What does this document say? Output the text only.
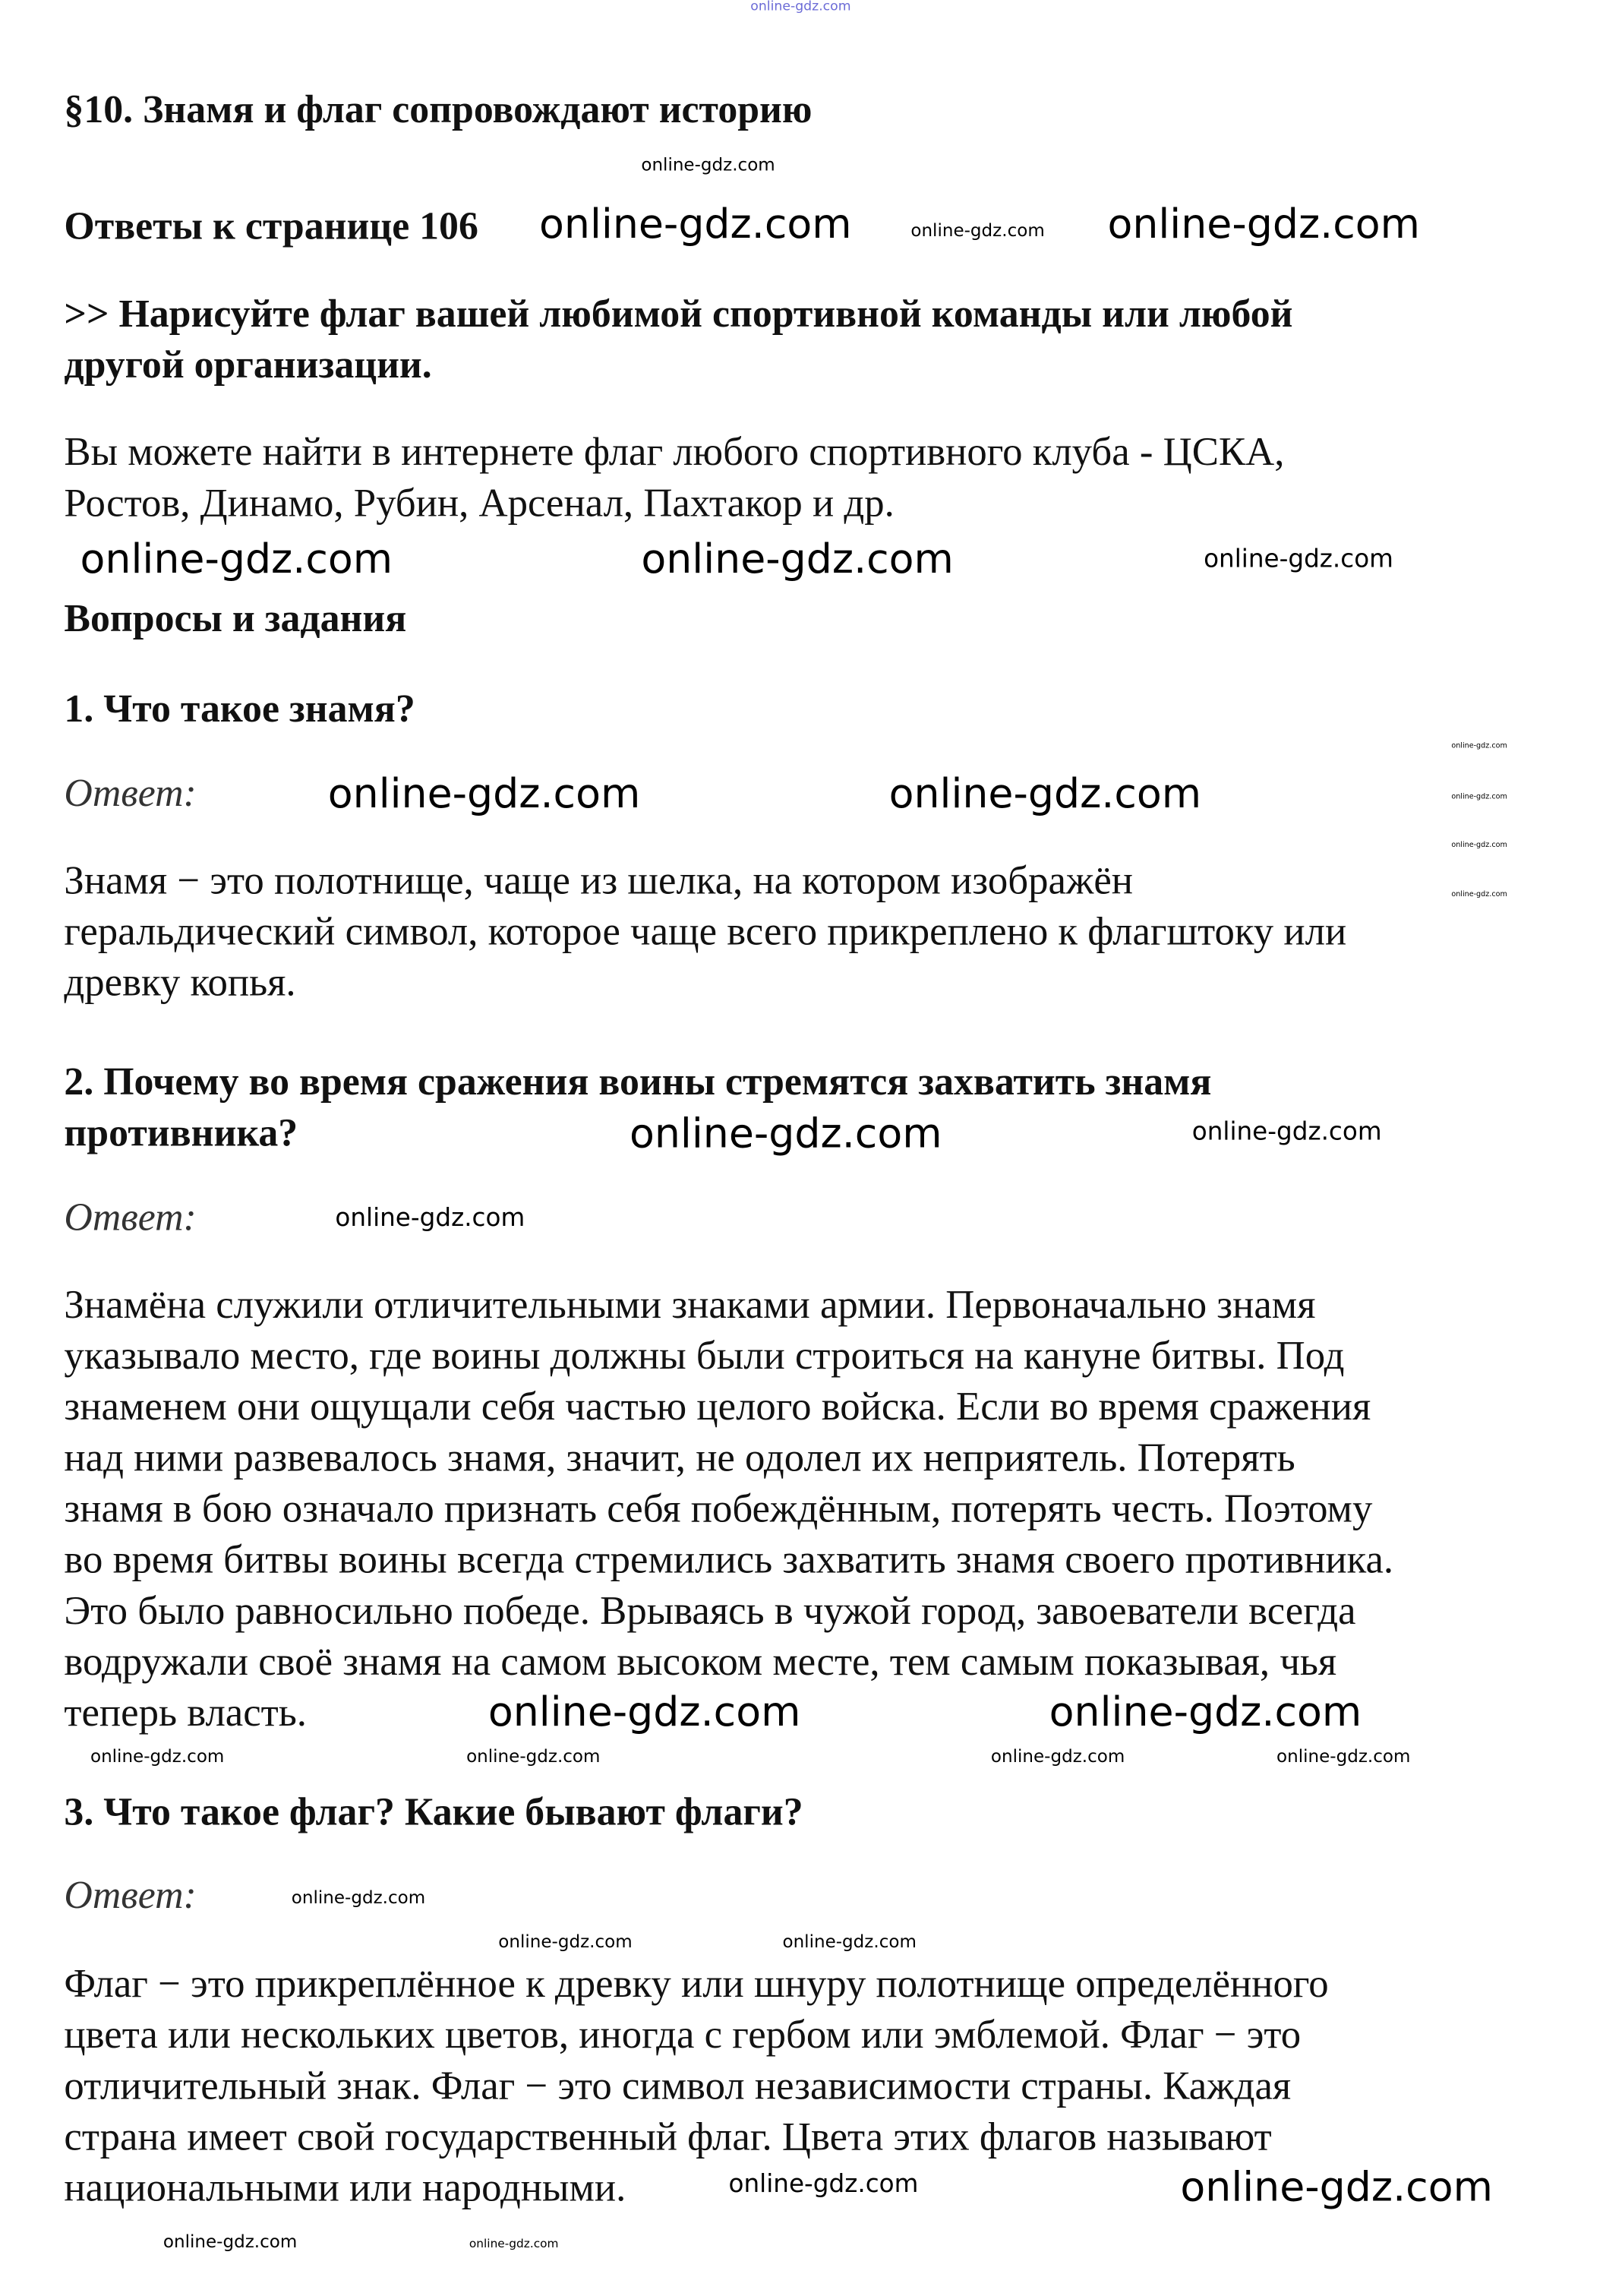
§10. Знамя и флаг сопровождают историю
Ответы к странице 106
>> Нарисуйте флаг вашей любимой спортивной команды или любой
другой организации.
Вы можете найти в интернете флаг любого спортивного клуба - ЦСКА,
Ростов, Динамо, Рубин, Арсенал, Пахтакор и др.
Вопросы и задания
1. Что такое знамя?
Ответ:
Знамя − это полотнище, чаще из шелка, на котором изображён
геральдический символ, которое чаще всего прикреплено к флагштоку или
древку копья.
2. Почему во время сражения воины стремятся захватить знамя
противника?
Ответ:
Знамёна служили отличительными знаками армии. Первоначально знамя
указывало место, где воины должны были строиться на кануне битвы. Под
знаменем они ощущали себя частью целого войска. Если во время сражения
над ними развевалось знамя, значит, не одолел их неприятель. Потерять
знамя в бою означало признать себя побеждённым, потерять честь. Поэтому
во время битвы воины всегда стремились захватить знамя своего противника.
Это было равносильно победе. Врываясь в чужой город, завоеватели всегда
водружали своё знамя на самом высоком месте, тем самым показывая, чья
теперь власть.
3. Что такое флаг? Какие бывают флаги?
Ответ:
Флаг − это прикреплённое к древку или шнуру полотнище определённого
цвета или нескольких цветов, иногда с гербом или эмблемой. Флаг − это
отличительный знак. Флаг − это символ независимости страны. Каждая
страна имеет свой государственный флаг. Цвета этих флагов называют
национальными или народными.
online-gdz.com
online-gdz.com
online-gdz.com	online-gdz.com	online-gdz.com
online-gdz.com	online-gdz.com	online-gdz.com
online-gdz.com
online-gdz.com
online-gdz.com
online-gdz.com
online-gdz.com	online-gdz.com
online-gdz.com
online-gdz.com
online-gdz.com
online-gdz.com
online-gdz.com
online-gdz.com
online-gdz.com	online-gdz.com
online-gdz.com
online-gdz.com
online-gdz.com	online-gdz.com
online-gdz.com	online-gdz.com
online-gdz.com	online-gdz.com
